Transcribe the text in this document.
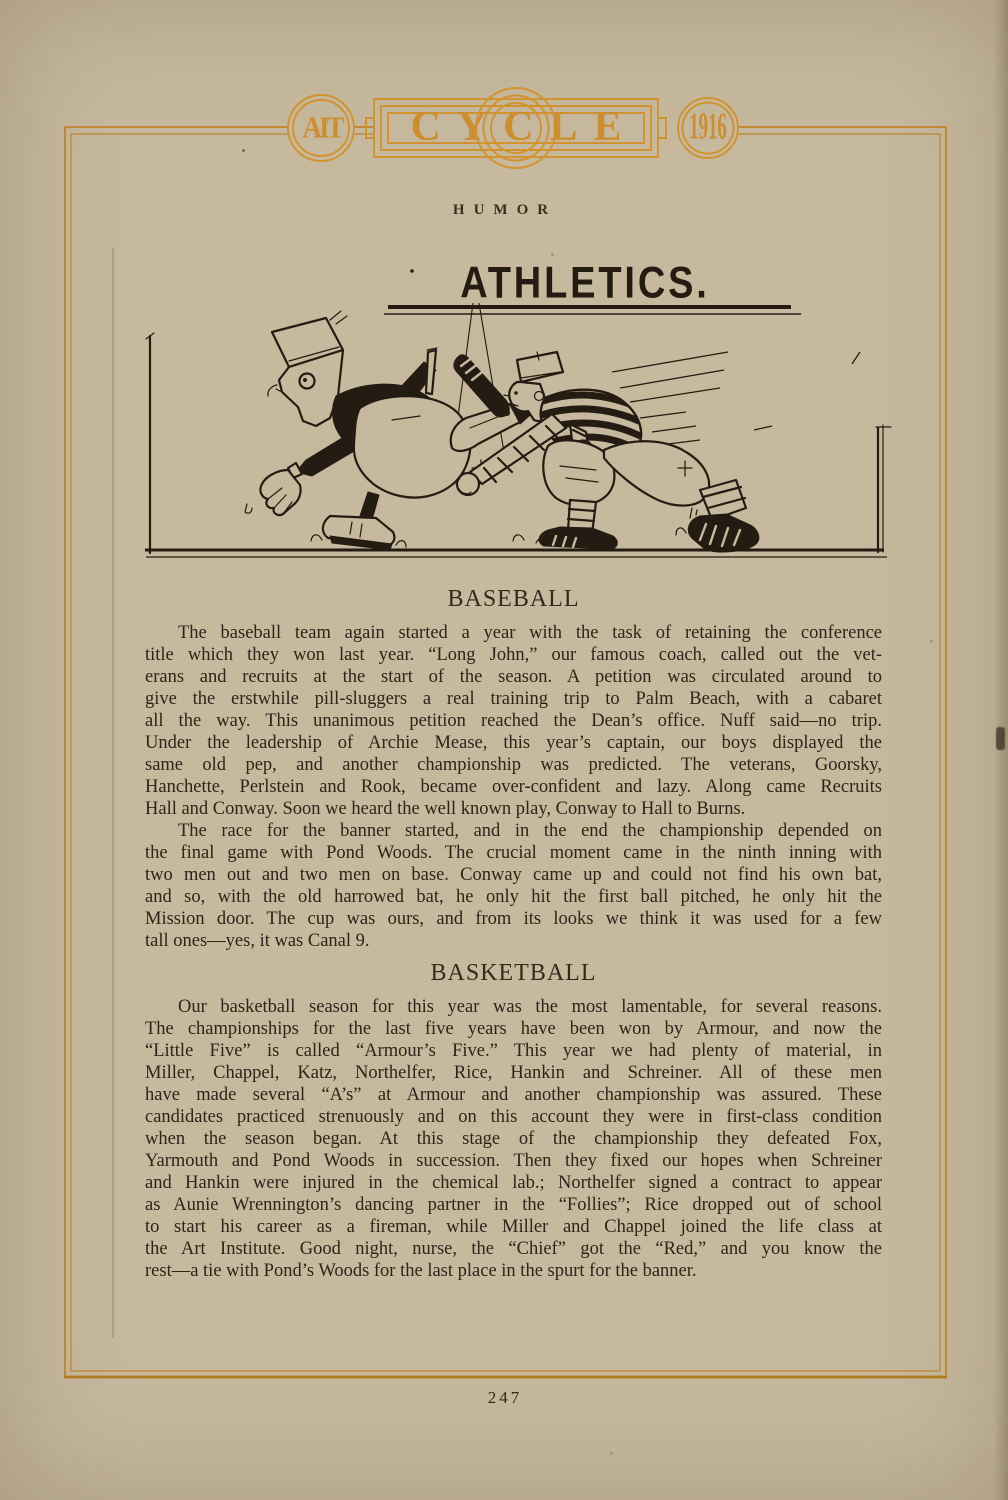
AIT	CYCLE	1916
HUMOR
ATHLETICS.
BASEBALL
The baseball team again started a year with the task of retaining the conference
title which they won last year. “Long John,” our famous coach, called out the vet-
erans and recruits at the start of the season. A petition was circulated around to
give the erstwhile pill-sluggers a real training trip to Palm Beach, with a cabaret
all the way. This unanimous petition reached the Dean’s office. Nuff said—no trip.
Under the leadership of Archie Mease, this year’s captain, our boys displayed the
same old pep, and another championship was predicted. The veterans, Goorsky,
Hanchette, Perlstein and Rook, became over-confident and lazy. Along came Recruits
Hall and Conway. Soon we heard the well known play, Conway to Hall to Burns.
The race for the banner started, and in the end the championship depended on
the final game with Pond Woods. The crucial moment came in the ninth inning with
two men out and two men on base. Conway came up and could not find his own bat,
and so, with the old harrowed bat, he only hit the first ball pitched, he only hit the
Mission door. The cup was ours, and from its looks we think it was used for a few
tall ones—yes, it was Canal 9.
BASKETBALL
Our basketball season for this year was the most lamentable, for several reasons.
The championships for the last five years have been won by Armour, and now the
“Little Five” is called “Armour’s Five.” This year we had plenty of material, in
Miller, Chappel, Katz, Northelfer, Rice, Hankin and Schreiner. All of these men
have made several “A’s” at Armour and another championship was assured. These
candidates practiced strenuously and on this account they were in first-class condition
when the season began. At this stage of the championship they defeated Fox,
Yarmouth and Pond Woods in succession. Then they fixed our hopes when Schreiner
and Hankin were injured in the chemical lab.; Northelfer signed a contract to appear
as Aunie Wrennington’s dancing partner in the “Follies”; Rice dropped out of school
to start his career as a fireman, while Miller and Chappel joined the life class at
the Art Institute. Good night, nurse, the “Chief” got the “Red,” and you know the
rest—a tie with Pond’s Woods for the last place in the spurt for the banner.
247
